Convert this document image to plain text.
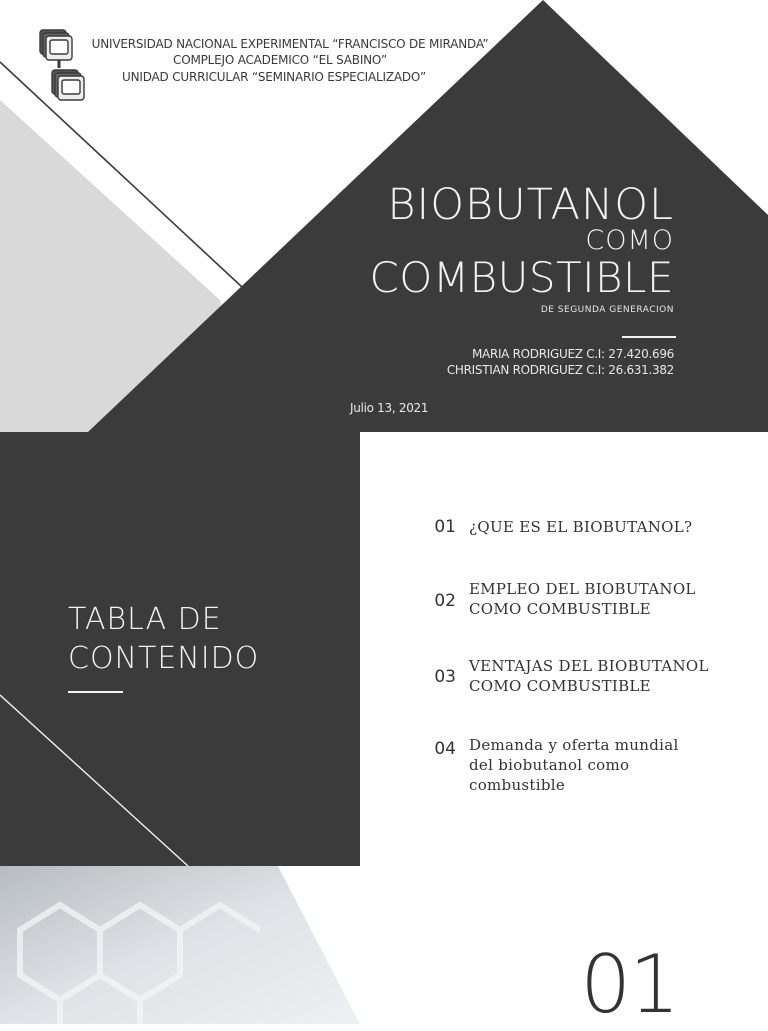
UNIVERSIDAD NACIONAL EXPERIMENTAL “FRANCISCO DE MIRANDA”
COMPLEJO ACADEMICO “EL SABINO”
UNIDAD CURRICULAR “SEMINARIO ESPECIALIZADO”
BIOBUTANOL
COMO
COMBUSTIBLE
DE SEGUNDA GENERACION
MARIA RODRIGUEZ C.I: 27.420.696
CHRISTIAN RODRIGUEZ C.I: 26.631.382
Julio 13, 2021
TABLA DE
CONTENIDO
01 ¿QUE ES EL BIOBUTANOL?
02
EMPLEO DEL BIOBUTANOL
COMO COMBUSTIBLE
03
VENTAJAS DEL BIOBUTANOL
COMO COMBUSTIBLE
04 Demanda y oferta mundial
del biobutanol como
combustible
01
